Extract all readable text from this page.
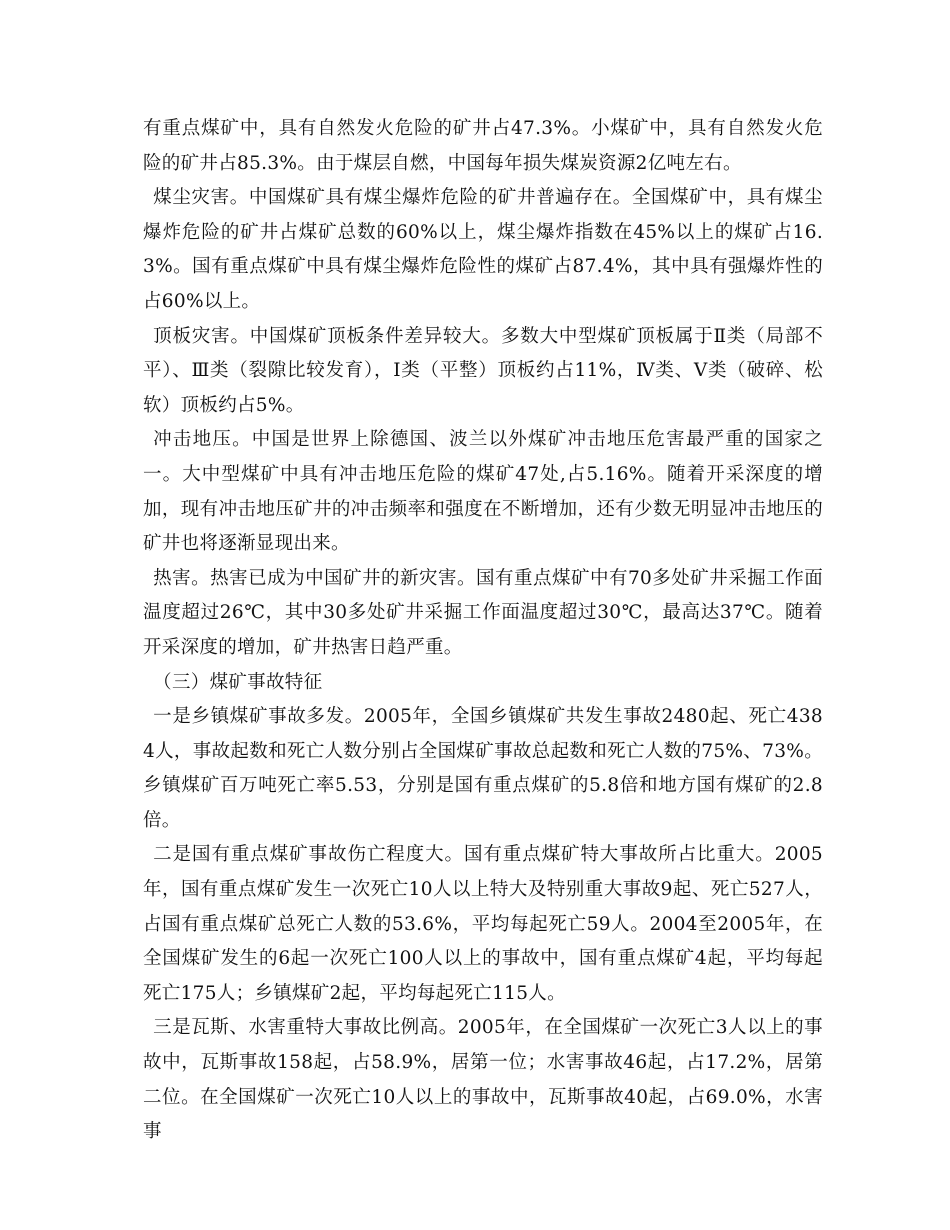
有重点煤矿中，具有自然发火危险的矿井占47.3%。小煤矿中，具有自然发火危险的矿井占85.3%。由于煤层自燃，中国每年损失煤炭资源2亿吨左右。

煤尘灾害。中国煤矿具有煤尘爆炸危险的矿井普遍存在。全国煤矿中，具有煤尘爆炸危险的矿井占煤矿总数的60%以上，煤尘爆炸指数在45%以上的煤矿占16.3%。国有重点煤矿中具有煤尘爆炸危险性的煤矿占87.4%，其中具有强爆炸性的占60%以上。

顶板灾害。中国煤矿顶板条件差异较大。多数大中型煤矿顶板属于Ⅱ类（局部不平）、Ⅲ类（裂隙比较发育），Ⅰ类（平整）顶板约占11%，Ⅳ类、Ⅴ类（破碎、松软）顶板约占5%。

冲击地压。中国是世界上除德国、波兰以外煤矿冲击地压危害最严重的国家之一。大中型煤矿中具有冲击地压危险的煤矿47处,占5.16%。随着开采深度的增加，现有冲击地压矿井的冲击频率和强度在不断增加，还有少数无明显冲击地压的矿井也将逐渐显现出来。

热害。热害已成为中国矿井的新灾害。国有重点煤矿中有70多处矿井采掘工作面温度超过26℃，其中30多处矿井采掘工作面温度超过30℃，最高达37℃。随着开采深度的增加，矿井热害日趋严重。

（三）煤矿事故特征

一是乡镇煤矿事故多发。2005年，全国乡镇煤矿共发生事故2480起、死亡4384人，事故起数和死亡人数分别占全国煤矿事故总起数和死亡人数的75%、73%。乡镇煤矿百万吨死亡率5.53，分别是国有重点煤矿的5.8倍和地方国有煤矿的2.8倍。

二是国有重点煤矿事故伤亡程度大。国有重点煤矿特大事故所占比重大。2005年，国有重点煤矿发生一次死亡10人以上特大及特别重大事故9起、死亡527人，占国有重点煤矿总死亡人数的53.6%，平均每起死亡59人。2004至2005年，在全国煤矿发生的6起一次死亡100人以上的事故中，国有重点煤矿4起，平均每起死亡175人；乡镇煤矿2起，平均每起死亡115人。

三是瓦斯、水害重特大事故比例高。2005年，在全国煤矿一次死亡3人以上的事故中，瓦斯事故158起，占58.9%，居第一位；水害事故46起，占17.2%，居第二位。在全国煤矿一次死亡10人以上的事故中，瓦斯事故40起，占69.0%，水害事
